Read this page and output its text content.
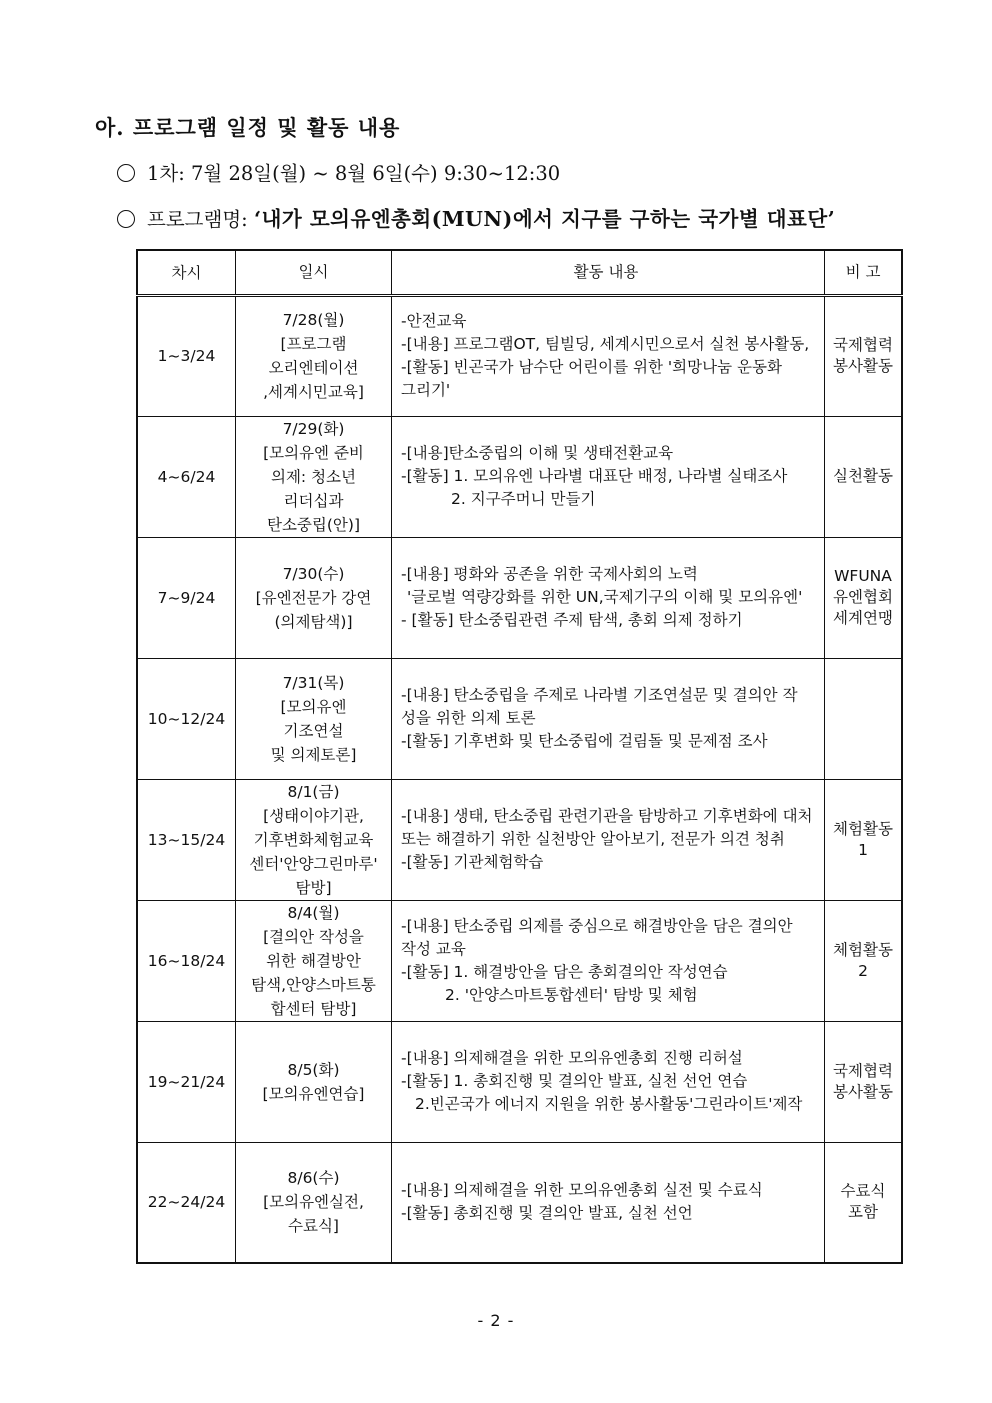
아. 프로그램 일정 및 활동 내용
1차: 7월 28일(월) ~ 8월 6일(수) 9:30~12:30
프로그램명: ‘내가 모의유엔총회(MUN)에서 지구를 구하는 국가별 대표단’
차시	일시	활동 내용	비 고
1~3/24	7/28(월)
[프로그램
오리엔테이션
,세계시민교육]	-안전교육
-[내용] 프로그램OT, 팀빌딩, 세계시민으로서 실천 봉사활동,
-[활동] 빈곤국가 남수단 어린이를 위한 '희망나눔 운동화
그리기'	국제협력
봉사활동

4~6/24	7/29(화)
[모의유엔 준비
의제: 청소년
리더십과
탄소중립(안)]	-[내용]탄소중립의 이해 및 생태전환교육
-[활동] 1. 모의유엔 나라별 대표단 배정, 나라별 실태조사
2. 지구주머니 만들기	실천활동

7~9/24	7/30(수)
[유엔전문가 강연
(의제탐색)]	-[내용] 평화와 공존을 위한 국제사회의 노력
'글로벌 역량강화를 위한 UN,국제기구의 이해 및 모의유엔'
- [활동] 탄소중립관련 주제 탐색, 총회 의제 정하기	WFUNA
유엔협회
세계연맹

10~12/24	7/31(목)
[모의유엔
기조연설
및 의제토론]	-[내용] 탄소중립을 주제로 나라별 기조연설문 및 결의안 작
성을 위한 의제 토론
-[활동] 기후변화 및 탄소중립에 걸림돌 및 문제점 조사	

13~15/24	8/1(금)
[생태이야기관,
기후변화체험교육
센터'안양그린마루'
탐방]	-[내용] 생태, 탄소중립 관련기관을 탐방하고 기후변화에 대처
또는 해결하기 위한 실천방안 알아보기, 전문가 의견 청취
-[활동] 기관체험학습	체험활동
1

16~18/24	8/4(월)
[결의안 작성을
위한 해결방안
탐색,안양스마트통
합센터 탐방]	-[내용] 탄소중립 의제를 중심으로 해결방안을 담은 결의안
작성 교육
-[활동] 1. 해결방안을 담은 총회결의안 작성연습
2. '안양스마트통합센터' 탐방 및 체험	체험활동
2

19~21/24	8/5(화)
[모의유엔연습]	-[내용] 의제해결을 위한 모의유엔총회 진행 리허설
-[활동] 1. 총회진행 및 결의안 발표, 실천 선언 연습
2.빈곤국가 에너지 지원을 위한 봉사활동'그린라이트'제작	국제협력
봉사활동

22~24/24	8/6(수)
[모의유엔실전,
수료식]	-[내용] 의제해결을 위한 모의유엔총회 실전 및 수료식
-[활동] 총회진행 및 결의안 발표, 실천 선언	수료식
포함
- 2 -
